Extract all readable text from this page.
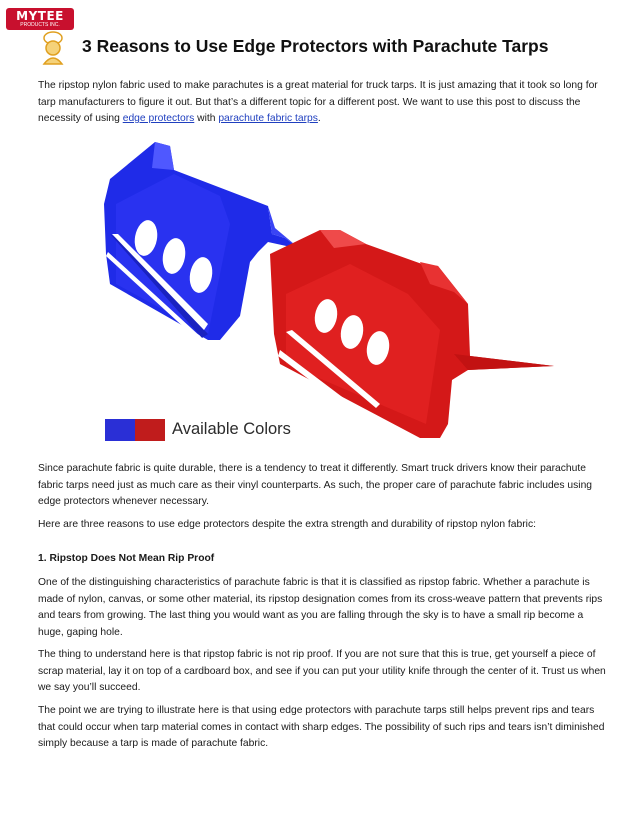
MYTEE
PRODUCTS INC.
3 Reasons to Use Edge Protectors with Parachute Tarps

The ripstop nylon fabric used to make parachutes is a great material for truck tarps. It is just amazing that it took so long for tarp manufacturers to figure it out. But that’s a different topic for a different post. We want to use this post to discuss the necessity of using edge protectors with parachute fabric tarps.

Available Colors

Since parachute fabric is quite durable, there is a tendency to treat it differently. Smart truck drivers know their parachute fabric tarps need just as much care as their vinyl counterparts. As such, the proper care of parachute fabric includes using edge protectors whenever necessary.

Here are three reasons to use edge protectors despite the extra strength and durability of ripstop nylon fabric:

1. Ripstop Does Not Mean Rip Proof

One of the distinguishing characteristics of parachute fabric is that it is classified as ripstop fabric. Whether a parachute is made of nylon, canvas, or some other material, its ripstop designation comes from its cross-weave pattern that prevents rips and tears from growing. The last thing you would want as you are falling through the sky is to have a small rip become a huge, gaping hole.

The thing to understand here is that ripstop fabric is not rip proof. If you are not sure that this is true, get yourself a piece of scrap material, lay it on top of a cardboard box, and see if you can put your utility knife through the center of it. Trust us when we say you’ll succeed.

The point we are trying to illustrate here is that using edge protectors with parachute tarps still helps prevent rips and tears that could occur when tarp material comes in contact with sharp edges. The possibility of such rips and tears isn’t diminished simply because a tarp is made of parachute fabric.
